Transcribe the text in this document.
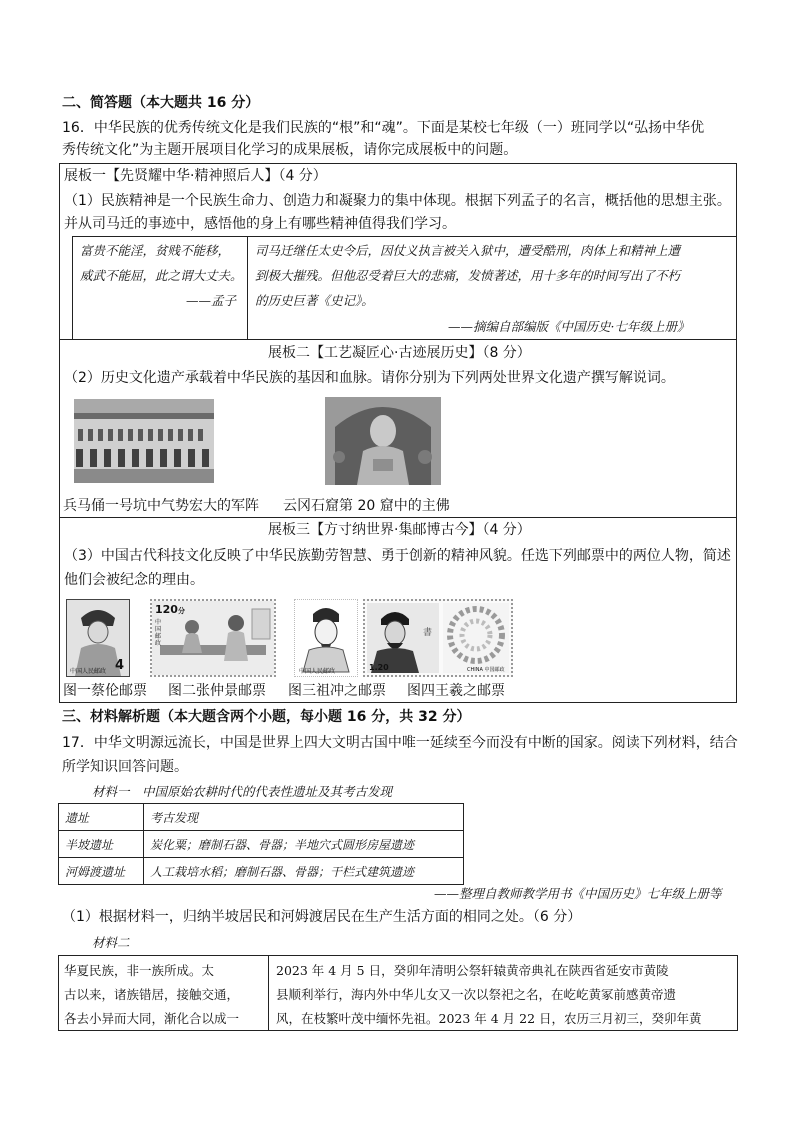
二、简答题（本大题共 16 分）
16．中华民族的优秀传统文化是我们民族的“根”和“魂”。下面是某校七年级（一）班同学以“弘扬中华优
秀传统文化”为主题开展项目化学习的成果展板，请你完成展板中的问题。
展板一【先贤耀中华·精神照后人】（4 分）
（1）民族精神是一个民族生命力、创造力和凝聚力的集中体现。根据下列孟子的名言，概括他的思想主张。
并从司马迁的事迹中，感悟他的身上有哪些精神值得我们学习。
富贵不能淫，贫贱不能移，
威武不能屈，此之谓大丈夫。
——孟子
司马迁继任太史令后，因仗义执言被关入狱中，遭受酷刑，肉体上和精神上遭
到极大摧残。但他忍受着巨大的悲痛，发愤著述，用十多年的时间写出了不朽
的历史巨著《史记》。
——摘编自部编版《中国历史·七年级上册》
展板二【工艺凝匠心·古迹展历史】（8 分）
（2）历史文化遗产承载着中华民族的基因和血脉。请你分别为下列两处世界文化遗产撰写解说词。
兵马俑一号坑中气势宏大的军阵 云冈石窟第 20 窟中的主佛
展板三【方寸纳世界·集邮博古今】（4 分）
（3）中国古代科技文化反映了中华民族勤劳智慧、勇于创新的精神风貌。任选下列邮票中的两位人物，简述
他们会被纪念的理由。
4
中国人民邮政
120分
中国邮政
中国人民邮政
書
1.20	CHINA 中国邮政
图一蔡伦邮票 图二张仲景邮票 图三祖冲之邮票 图四王羲之邮票
三、材料解析题（本大题含两个小题，每小题 16 分，共 32 分）
17．中华文明源远流长，中国是世界上四大文明古国中唯一延续至今而没有中断的国家。阅读下列材料，结合
所学知识回答问题。
材料一　中国原始农耕时代的代表性遗址及其考古发现
遗址	考古发现
半坡遗址	炭化粟；磨制石器、骨器；半地穴式圆形房屋遗迹
河姆渡遗址	人工栽培水稻；磨制石器、骨器；干栏式建筑遗迹
——整理自教师教学用书《中国历史》七年级上册等
（1）根据材料一，归纳半坡居民和河姆渡居民在生产生活方面的相同之处。（6 分）
材料二
华夏民族，非一族所成。太
古以来，诸族错居，接触交通，
各去小异而大同，渐化合以成一
2023 年 4 月 5 日，癸卯年清明公祭轩辕黄帝典礼在陕西省延安市黄陵
县顺利举行，海内外中华儿女又一次以祭祀之名，在屹屹黄冢前感黄帝遗
风，在枝繁叶茂中缅怀先祖。2023 年 4 月 22 日，农历三月初三，癸卯年黄
